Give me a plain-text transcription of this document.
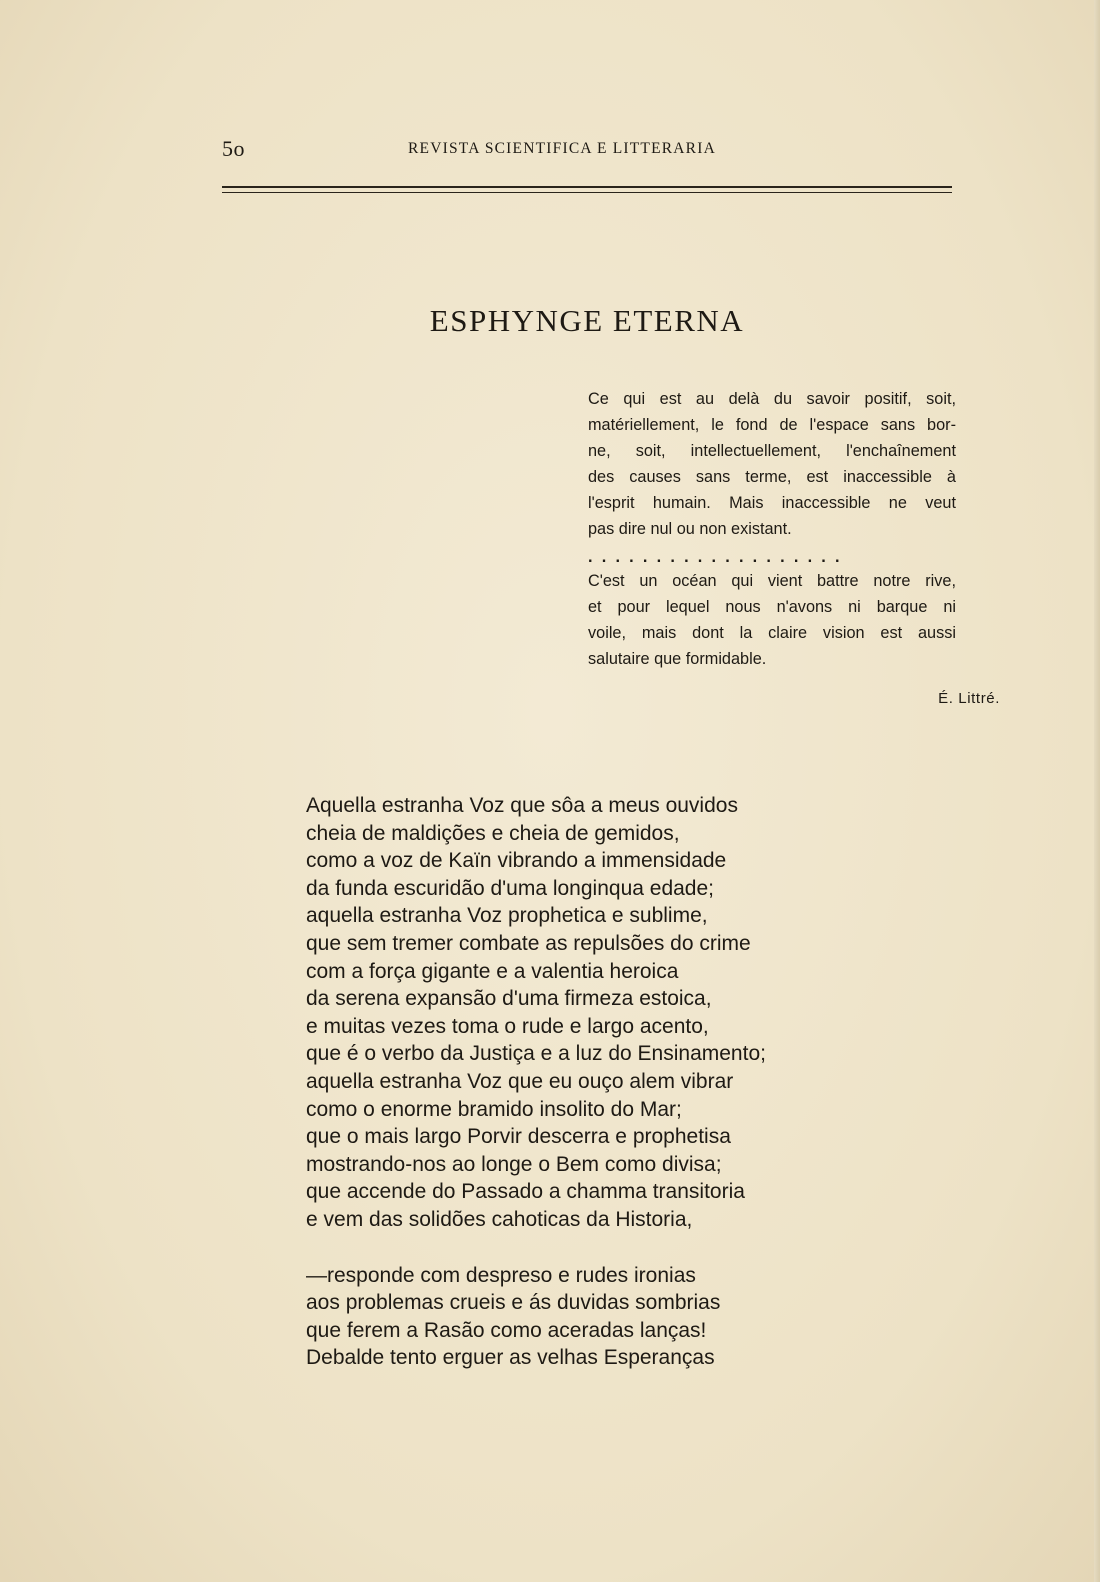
5o	REVISTA SCIENTIFICA E LITTERARIA
ESPHYNGE ETERNA
Ce qui est au delà du savoir positif, soit,
matériellement, le fond de l'espace sans bor-
ne, soit, intellectuellement, l'enchaînement
des causes sans terme, est inaccessible à
l'esprit humain. Mais inaccessible ne veut
pas dire nul ou non existant.
...................
C'est un océan qui vient battre notre rive,
et pour lequel nous n'avons ni barque ni
voile, mais dont la claire vision est aussi
salutaire que formidable.
É. Littré.
Aquella estranha Voz que sôa a meus ouvidos
cheia de maldições e cheia de gemidos,
como a voz de Kaïn vibrando a immensidade
da funda escuridão d'uma longinqua edade;
aquella estranha Voz prophetica e sublime,
que sem tremer combate as repulsões do crime
com a força gigante e a valentia heroica
da serena expansão d'uma firmeza estoica,
e muitas vezes toma o rude e largo acento,
que é o verbo da Justiça e a luz do Ensinamento;
aquella estranha Voz que eu ouço alem vibrar
como o enorme bramido insolito do Mar;
que o mais largo Porvir descerra e prophetisa
mostrando-nos ao longe o Bem como divisa;
que accende do Passado a chamma transitoria
e vem das solidões cahoticas da Historia,
—responde com despreso e rudes ironias
aos problemas crueis e ás duvidas sombrias
que ferem a Rasão como aceradas lanças!
Debalde tento erguer as velhas Esperanças
